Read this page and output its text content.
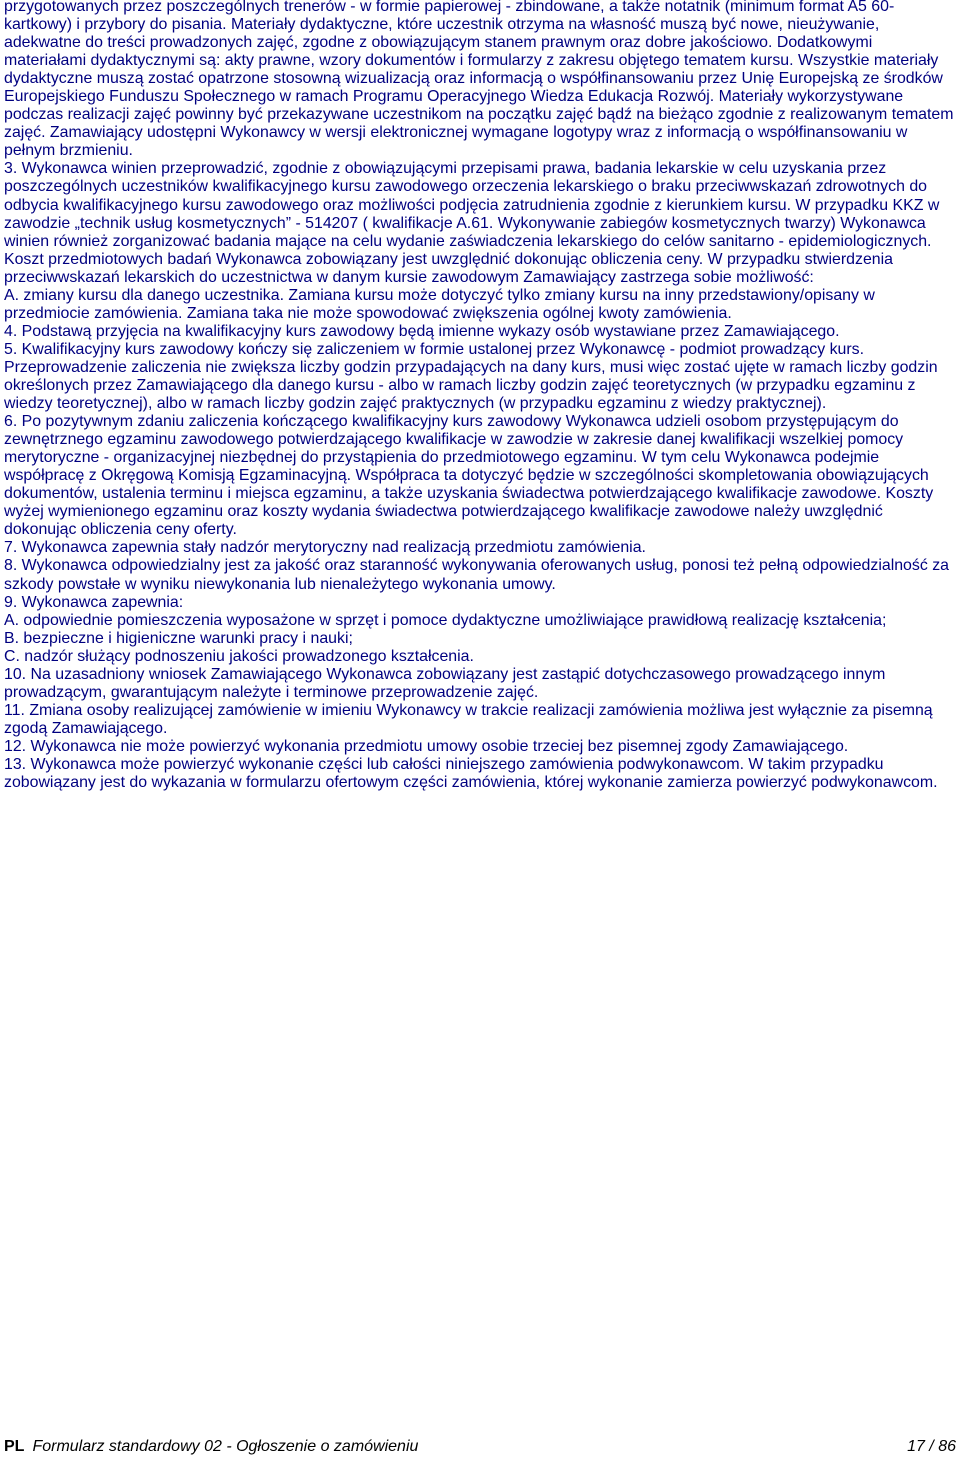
przygotowanych przez poszczególnych trenerów - w formie papierowej - zbindowane, a także notatnik (minimum format A5 60-kartkowy) i przybory do pisania. Materiały dydaktyczne, które uczestnik otrzyma na własność muszą być nowe, nieużywanie, adekwatne do treści prowadzonych zajęć, zgodne z obowiązującym stanem prawnym oraz dobre jakościowo. Dodatkowymi materiałami dydaktycznymi są: akty prawne, wzory dokumentów i formularzy z zakresu objętego tematem kursu. Wszystkie materiały dydaktyczne muszą zostać opatrzone stosowną wizualizacją oraz informacją o współfinansowaniu przez Unię Europejską ze środków Europejskiego Funduszu Społecznego w ramach Programu Operacyjnego Wiedza Edukacja Rozwój. Materiały wykorzystywane podczas realizacji zajęć powinny być przekazywane uczestnikom na początku zajęć bądź na bieżąco zgodnie z realizowanym tematem zajęć. Zamawiający udostępni Wykonawcy w wersji elektronicznej wymagane logotypy wraz z informacją o współfinansowaniu w pełnym brzmieniu.

3. Wykonawca winien przeprowadzić, zgodnie z obowiązującymi przepisami prawa, badania lekarskie w celu uzyskania przez poszczególnych uczestników kwalifikacyjnego kursu zawodowego orzeczenia lekarskiego o braku przeciwwskazań zdrowotnych do odbycia kwalifikacyjnego kursu zawodowego oraz możliwości podjęcia zatrudnienia zgodnie z kierunkiem kursu. W przypadku KKZ w zawodzie „technik usług kosmetycznych” - 514207 ( kwalifikacje A.61. Wykonywanie zabiegów kosmetycznych twarzy) Wykonawca winien również zorganizować badania mające na celu wydanie zaświadczenia lekarskiego do celów sanitarno - epidemiologicznych. Koszt przedmiotowych badań Wykonawca zobowiązany jest uwzględnić dokonując obliczenia ceny. W przypadku stwierdzenia przeciwwskazań lekarskich do uczestnictwa w danym kursie zawodowym Zamawiający zastrzega sobie możliwość:

A. zmiany kursu dla danego uczestnika. Zamiana kursu może dotyczyć tylko zmiany kursu na inny przedstawiony/opisany w przedmiocie zamówienia. Zamiana taka nie może spowodować zwiększenia ogólnej kwoty zamówienia.

4. Podstawą przyjęcia na kwalifikacyjny kurs zawodowy będą imienne wykazy osób wystawiane przez Zamawiającego.

5. Kwalifikacyjny kurs zawodowy kończy się zaliczeniem w formie ustalonej przez Wykonawcę - podmiot prowadzący kurs. Przeprowadzenie zaliczenia nie zwiększa liczby godzin przypadających na dany kurs, musi więc zostać ujęte w ramach liczby godzin określonych przez Zamawiającego dla danego kursu - albo w ramach liczby godzin zajęć teoretycznych (w przypadku egzaminu z wiedzy teoretycznej), albo w ramach liczby godzin zajęć praktycznych (w przypadku egzaminu z wiedzy praktycznej).

6. Po pozytywnym zdaniu zaliczenia kończącego kwalifikacyjny kurs zawodowy Wykonawca udzieli osobom przystępującym do zewnętrznego egzaminu zawodowego potwierdzającego kwalifikacje w zawodzie w zakresie danej kwalifikacji wszelkiej pomocy merytoryczne - organizacyjnej niezbędnej do przystąpienia do przedmiotowego egzaminu. W tym celu Wykonawca podejmie współpracę z Okręgową Komisją Egzaminacyjną. Współpraca ta dotyczyć będzie w szczególności skompletowania obowiązujących dokumentów, ustalenia terminu i miejsca egzaminu, a także uzyskania świadectwa potwierdzającego kwalifikacje zawodowe. Koszty wyżej wymienionego egzaminu oraz koszty wydania świadectwa potwierdzającego kwalifikacje zawodowe należy uwzględnić dokonując obliczenia ceny oferty.

7. Wykonawca zapewnia stały nadzór merytoryczny nad realizacją przedmiotu zamówienia.

8. Wykonawca odpowiedzialny jest za jakość oraz staranność wykonywania oferowanych usług, ponosi też pełną odpowiedzialność za szkody powstałe w wyniku niewykonania lub nienależytego wykonania umowy.

9. Wykonawca zapewnia:

A. odpowiednie pomieszczenia wyposażone w sprzęt i pomoce dydaktyczne umożliwiające prawidłową realizację kształcenia;

B. bezpieczne i higieniczne warunki pracy i nauki;

C. nadzór służący podnoszeniu jakości prowadzonego kształcenia.

10. Na uzasadniony wniosek Zamawiającego Wykonawca zobowiązany jest zastąpić dotychczasowego prowadzącego innym prowadzącym, gwarantującym należyte i terminowe przeprowadzenie zajęć.

11. Zmiana osoby realizującej zamówienie w imieniu Wykonawcy w trakcie realizacji zamówienia możliwa jest wyłącznie za pisemną zgodą Zamawiającego.

12. Wykonawca nie może powierzyć wykonania przedmiotu umowy osobie trzeciej bez pisemnej zgody Zamawiającego.

13. Wykonawca może powierzyć wykonanie części lub całości niniejszego zamówienia podwykonawcom. W takim przypadku zobowiązany jest do wykazania w formularzu ofertowym części zamówienia, której wykonanie zamierza powierzyć podwykonawcom.

PL Formularz standardowy 02 - Ogłoszenie o zamówieniu	17 / 86
